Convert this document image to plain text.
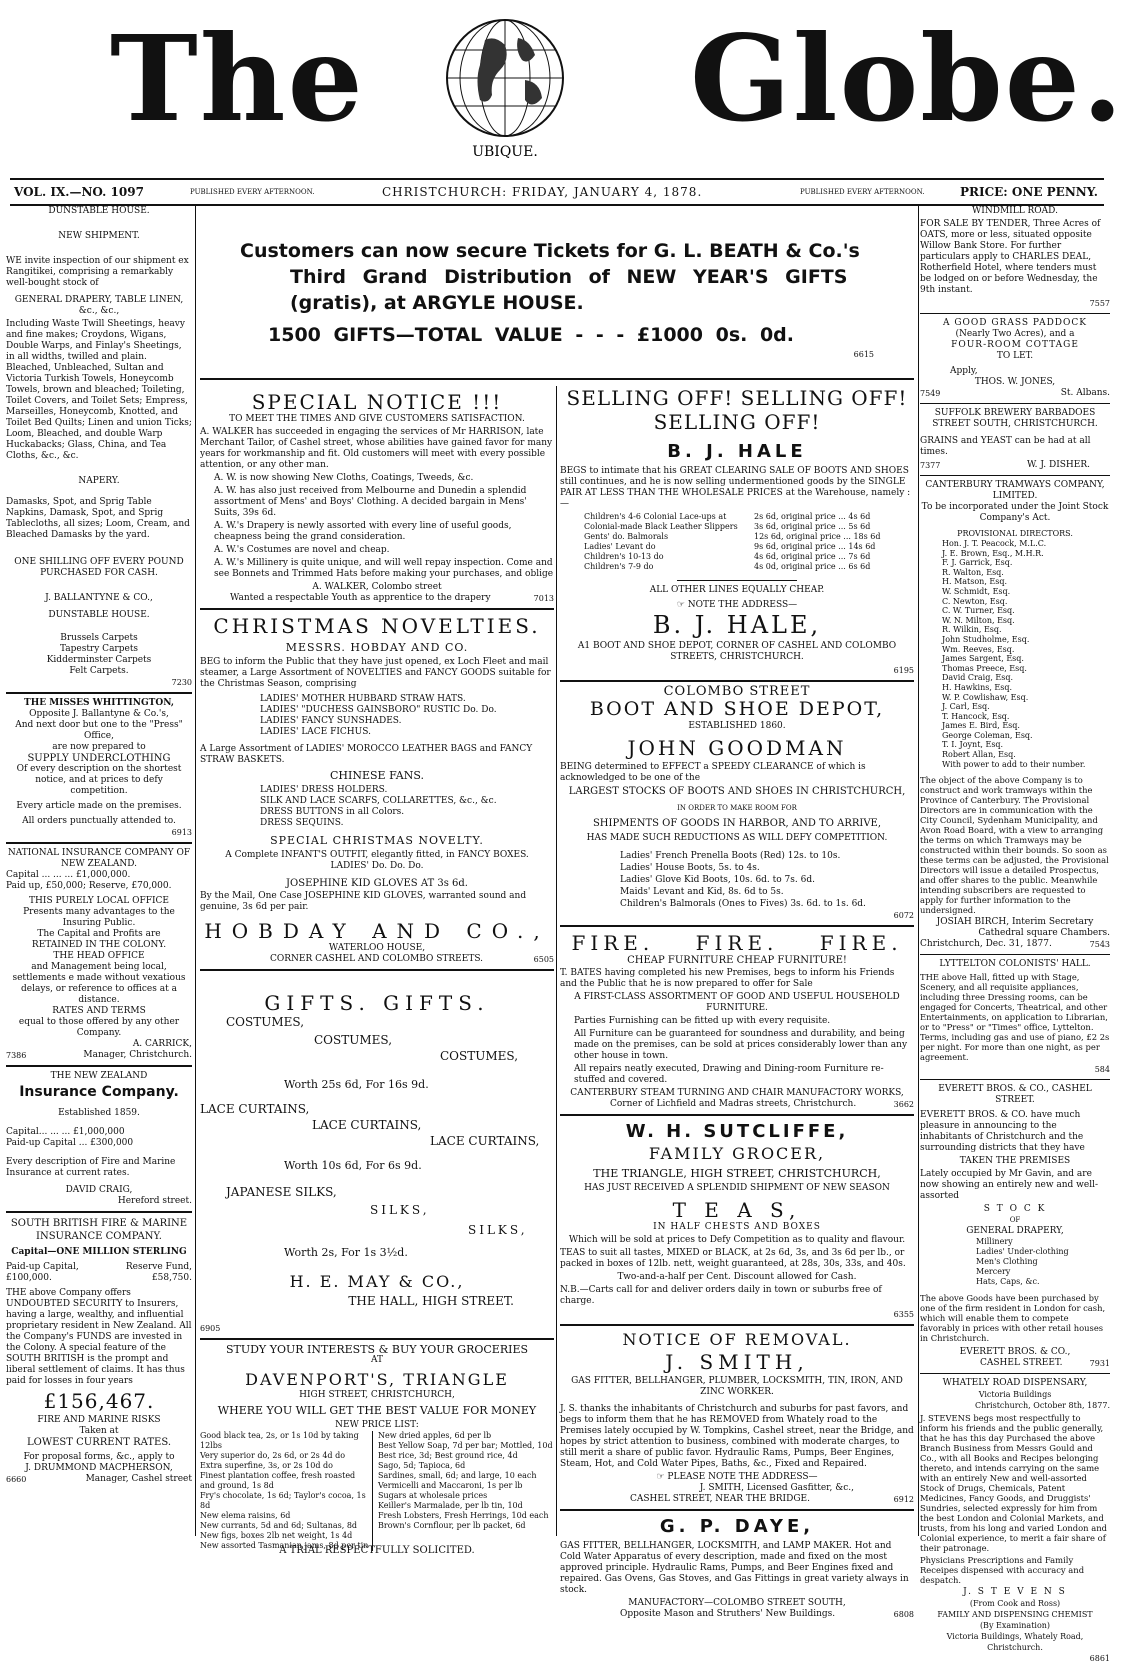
The
UBIQUE.
Globe.
VOL. IX.—NO. 1097	PUBLISHED EVERY AFTERNOON.	CHRISTCHURCH: FRIDAY, JANUARY 4, 1878.	PUBLISHED EVERY AFTERNOON.	PRICE: ONE PENNY.
DUNSTABLE HOUSE.
NEW SHIPMENT.

WE invite inspection of our shipment ex Rangitikei, comprising a remarkably well-bought stock of

GENERAL DRAPERY, TABLE LINEN,
&c., &c.,

Including Waste Twill Sheetings, heavy and fine makes; Croydons, Wigans, Double Warps, and Finlay's Sheetings, in all widths, twilled and plain. Bleached, Unbleached, Sultan and Victoria Turkish Towels, Honeycomb Towels, brown and bleached; Toileting, Toilet Covers, and Toilet Sets; Empress, Marseilles, Honeycomb, Knotted, and Toilet Bed Quilts; Linen and union Ticks; Loom, Bleached, and double Warp Huckabacks; Glass, China, and Tea Cloths, &c., &c.

NAPERY.

Damasks, Spot, and Sprig Table Napkins, Damask, Spot, and Sprig Tablecloths, all sizes; Loom, Cream, and Bleached Damasks by the yard.

ONE SHILLING OFF EVERY POUND PURCHASED FOR CASH.
J. BALLANTYNE & CO.,
DUNSTABLE HOUSE.
Brussels Carpets
Tapestry Carpets
Kidderminster Carpets
Felt Carpets.
7230
THE MISSES WHITTINGTON,
Opposite J. Ballantyne & Co.'s,
And next door but one to the "Press" Office,
are now prepared to
SUPPLY UNDERCLOTHING
Of every description on the shortest notice, and at prices to defy competition.
Every article made on the premises.
All orders punctually attended to.
6913
NATIONAL INSURANCE COMPANY OF NEW ZEALAND.
Capital ... ... ... £1,000,000.
Paid up, £50,000; Reserve, £70,000.
THIS PURELY LOCAL OFFICE
Presents many advantages to the Insuring Public.
The Capital and Profits are
RETAINED IN THE COLONY.
THE HEAD OFFICE
and Management being local, settlements e made without vexatious delays, or reference to offices at a distance.
RATES AND TERMS
equal to those offered by any other Company.
A. CARRICK,
7386	Manager, Christchurch.
THE NEW ZEALAND
Insurance Company.
Established 1859.
Capital... ... ... £1,000,000
Paid-up Capital ... £300,000

Every description of Fire and Marine Insurance at current rates.

DAVID CRAIG,
Hereford street.
SOUTH BRITISH FIRE & MARINE INSURANCE COMPANY.
Capital—ONE MILLION STERLING
Paid-up Capital, £100,000.
Reserve Fund, £58,750.

THE above Company offers UNDOUBTED SECURITY to Insurers, having a large, wealthy, and influential proprietary resident in New Zealand. All the Company's FUNDS are invested in the Colony. A special feature of the SOUTH BRITISH is the prompt and liberal settlement of claims. It has thus paid for losses in four years

£156,467.
FIRE AND MARINE RISKS
Taken at
LOWEST CURRENT RATES.
For proposal forms, &c., apply to
J. DRUMMOND MACPHERSON,
6660	Manager, Cashel street
Customers can now secure Tickets for G. L. BEATH & Co.'s
Third Grand Distribution of NEW YEAR'S GIFTS
(gratis), at ARGYLE HOUSE.
1500 GIFTS—TOTAL VALUE - - - £1000 0s. 0d.
6615
SPECIAL NOTICE !!!
TO MEET THE TIMES AND GIVE CUSTOMERS SATISFACTION.

A. WALKER has succeeded in engaging the services of Mr HARRISON, late Merchant Tailor, of Cashel street, whose abilities have gained favor for many years for workmanship and fit. Old customers will meet with every possible attention, or any other man.

A. W. is now showing New Cloths, Coatings, Tweeds, &c.

A. W. has also just received from Melbourne and Dunedin a splendid assortment of Mens' and Boys' Clothing. A decided bargain in Mens' Suits, 39s 6d.

A. W.'s Drapery is newly assorted with every line of useful goods, cheapness being the grand consideration.

A. W.'s Costumes are novel and cheap.

A. W.'s Millinery is quite unique, and will well repay inspection. Come and see Bonnets and Trimmed Hats before making your purchases, and oblige

A. WALKER, Colombo street
Wanted a respectable Youth as apprentice to the drapery	7013
CHRISTMAS NOVELTIES.
MESSRS. HOBDAY AND CO.

BEG to inform the Public that they have just opened, ex Loch Fleet and mail steamer, a Large Assortment of NOVELTIES and FANCY GOODS suitable for the Christmas Season, comprising

LADIES' MOTHER HUBBARD STRAW HATS.
LADIES' "DUCHESS GAINSBORO" RUSTIC Do. Do.
LADIES' FANCY SUNSHADES.
LADIES' LACE FICHUS.

A Large Assortment of LADIES' MOROCCO LEATHER BAGS and FANCY STRAW BASKETS.

CHINESE FANS.
LADIES' DRESS HOLDERS.
SILK AND LACE SCARFS, COLLARETTES, &c., &c.
DRESS BUTTONS in all Colors.
DRESS SEQUINS.
SPECIAL CHRISTMAS NOVELTY.
A Complete INFANT'S OUTFIT, elegantly fitted, in FANCY BOXES.
LADIES' Do. Do. Do.
JOSEPHINE KID GLOVES AT 3s 6d.

By the Mail, One Case JOSEPHINE KID GLOVES, warranted sound and genuine, 3s 6d per pair.

HOBDAY AND CO.,
WATERLOO HOUSE,
CORNER CASHEL AND COLOMBO STREETS.	6505
GIFTS. GIFTS.
COSTUMES,
COSTUMES,
COSTUMES,
Worth 25s 6d, For 16s 9d.
LACE CURTAINS,
LACE CURTAINS,
LACE CURTAINS,
Worth 10s 6d, For 6s 9d.
JAPANESE SILKS,
SILKS,
SILKS,
Worth 2s, For 1s 3½d.
H. E. MAY & CO.,
THE HALL, HIGH STREET.
6905
STUDY YOUR INTERESTS & BUY YOUR GROCERIES
AT
DAVENPORT'S, TRIANGLE
HIGH STREET, CHRISTCHURCH,
WHERE YOU WILL GET THE BEST VALUE FOR MONEY
NEW PRICE LIST:
Good black tea, 2s, or 1s 10d by taking 12lbs
Very superior do, 2s 6d, or 2s 4d do
Extra superfine, 3s, or 2s 10d do
Finest plantation coffee, fresh roasted and ground, 1s 8d
Fry's chocolate, 1s 6d; Taylor's cocoa, 1s 8d
New elema raisins, 6d
New currants, 5d and 6d; Sultanas, 8d
New figs, boxes 2lb net weight, 1s 4d
New assorted Tasmanian jams, 8d per tin
New dried apples, 6d per lb
Best Yellow Soap, 7d per bar; Mottled, 10d
Best rice, 3d; Best ground rice, 4d
Sago, 5d; Tapioca, 6d
Sardines, small, 6d; and large, 10 each
Vermicelli and Maccaroni, 1s per lb
Sugars at wholesale prices
Keiller's Marmalade, per lb tin, 10d
Fresh Lobsters, Fresh Herrings, 10d each
Brown's Cornflour, per lb packet, 6d
A TRIAL RESPECTFULLY SOLICITED.
SELLING OFF! SELLING OFF! SELLING OFF!
B. J. HALE

BEGS to intimate that his GREAT CLEARING SALE OF BOOTS AND SHOES still continues, and he is now selling undermentioned goods by the SINGLE PAIR AT LESS THAN THE WHOLESALE PRICES at the Warehouse, namely :—

Children's 4-6 Colonial Lace-ups at	2s 6d, original price ... 4s 6d
Colonial-made Black Leather Slippers 3s 6d, original price ... 5s 6d
Gents' do. Balmorals	12s 6d, original price ... 18s 6d
Ladies' Levant do	9s 6d, original price ... 14s 6d
Children's 10-13 do	4s 6d, original price ... 7s 6d
Children's 7-9 do	4s 0d, original price ... 6s 6d
ALL OTHER LINES EQUALLY CHEAP.
☞ NOTE THE ADDRESS—
B. J. HALE,

A1 BOOT AND SHOE DEPOT, CORNER OF CASHEL AND COLOMBO STREETS, CHRISTCHURCH.

6195
COLOMBO STREET
BOOT AND SHOE DEPOT,
ESTABLISHED 1860.
JOHN GOODMAN

BEING determined to EFFECT a SPEEDY CLEARANCE of which is acknowledged to be one of the

LARGEST STOCKS OF BOOTS AND SHOES IN CHRISTCHURCH,
IN ORDER TO MAKE ROOM FOR
SHIPMENTS OF GOODS IN HARBOR, AND TO ARRIVE,
HAS MADE SUCH REDUCTIONS AS WILL DEFY COMPETITION.
Ladies' French Prenella Boots (Red) 12s. to 10s.
Ladies' House Boots, 5s. to 4s.
Ladies' Glove Kid Boots, 10s. 6d. to 7s. 6d.
Maids' Levant and Kid, 8s. 6d to 5s.
Children's Balmorals (Ones to Fives) 3s. 6d. to 1s. 6d.
6072
FIRE. FIRE. FIRE.
CHEAP FURNITURE CHEAP FURNITURE!

T. BATES having completed his new Premises, begs to inform his Friends and the Public that he is now prepared to offer for Sale

A FIRST-CLASS ASSORTMENT OF GOOD AND USEFUL HOUSEHOLD FURNITURE.

Parties Furnishing can be fitted up with every requisite.

All Furniture can be guaranteed for soundness and durability, and being made on the premises, can be sold at prices considerably lower than any other house in town.

All repairs neatly executed, Drawing and Dining-room Furniture re-stuffed and covered.

CANTERBURY STEAM TURNING AND CHAIR MANUFACTORY WORKS,
Corner of Lichfield and Madras streets, Christchurch.	3662
W. H. SUTCLIFFE,
FAMILY GROCER,
THE TRIANGLE, HIGH STREET, CHRISTCHURCH,
HAS JUST RECEIVED A SPLENDID SHIPMENT OF NEW SEASON
T E A S,
IN HALF CHESTS AND BOXES

Which will be sold at prices to Defy Competition as to quality and flavour.

TEAS to suit all tastes, MIXED or BLACK, at 2s 6d, 3s, and 3s 6d per lb., or packed in boxes of 12lb. nett, weight guaranteed, at 28s, 30s, 33s, and 40s.

Two-and-a-half per Cent. Discount allowed for Cash.

N.B.—Carts call for and deliver orders daily in town or suburbs free of charge.

6355
NOTICE OF REMOVAL.
J. SMITH,

GAS FITTER, BELLHANGER, PLUMBER, LOCKSMITH, TIN, IRON, AND ZINC WORKER.

J. S. thanks the inhabitants of Christchurch and suburbs for past favors, and begs to inform them that he has REMOVED from Whately road to the Premises lately occupied by W. Tompkins, Cashel street, near the Bridge, and hopes by strict attention to business, combined with moderate charges, to still merit a share of public favor. Hydraulic Rams, Pumps, Beer Engines, Steam, Hot, and Cold Water Pipes, Baths, &c., Fixed and Repaired.

☞ PLEASE NOTE THE ADDRESS—
J. SMITH, Licensed Gasfitter, &c.,
CASHEL STREET, NEAR THE BRIDGE.	6912
G. P. DAYE,

GAS FITTER, BELLHANGER, LOCKSMITH, and LAMP MAKER. Hot and Cold Water Apparatus of every description, made and fixed on the most approved principle. Hydraulic Rams, Pumps, and Beer Engines fixed and repaired. Gas Ovens, Gas Stoves, and Gas Fittings in great variety always in stock.

MANUFACTORY—COLOMBO STREET SOUTH,
Opposite Mason and Struthers' New Buildings.	6808
WINDMILL ROAD.

FOR SALE BY TENDER, Three Acres of OATS, more or less, situated opposite Willow Bank Store. For further particulars apply to CHARLES DEAL, Rotherfield Hotel, where tenders must be lodged on or before Wednesday, the 9th instant.

7557
A GOOD GRASS PADDOCK
(Nearly Two Acres), and a
FOUR-ROOM COTTAGE
TO LET.
Apply,
THOS. W. JONES,
7549	St. Albans.
SUFFOLK BREWERY BARBADOES STREET SOUTH, CHRISTCHURCH.

GRAINS and YEAST can be had at all times.

7377	W. J. DISHER.
CANTERBURY TRAMWAYS COMPANY, LIMITED.
To be incorporated under the Joint Stock Company's Act.
PROVISIONAL DIRECTORS.
Hon. J. T. Peacock, M.L.C.
J. E. Brown, Esq., M.H.R.
F. J. Garrick, Esq.
R. Walton, Esq.
H. Matson, Esq.
W. Schmidt, Esq.
C. Newton, Esq.
C. W. Turner, Esq.
W. N. Milton, Esq.
R. Wilkin, Esq.
John Studholme, Esq.
Wm. Reeves, Esq.
James Sargent, Esq.
Thomas Preece, Esq.
David Craig, Esq.
H. Hawkins, Esq.
W. P. Cowlishaw, Esq.
J. Carl, Esq.
T. Hancock, Esq.
James E. Bird, Esq.
George Coleman, Esq.
T. I. Joynt, Esq.
Robert Allan, Esq.
With power to add to their number.

The object of the above Company is to construct and work tramways within the Province of Canterbury. The Provisional Directors are in communication with the City Council, Sydenham Municipality, and Avon Road Board, with a view to arranging the terms on which Tramways may be constructed within their bounds. So soon as these terms can be adjusted, the Provisional Directors will issue a detailed Prospectus, and offer shares to the public. Meanwhile intending subscribers are requested to apply for further information to the undersigned.

JOSIAH BIRCH, Interim Secretary
Cathedral square Chambers.
Christchurch, Dec. 31, 1877.	7543
LYTTELTON COLONISTS' HALL.

THE above Hall, fitted up with Stage, Scenery, and all requisite appliances, including three Dressing rooms, can be engaged for Concerts, Theatrical, and other Entertainments, on application to Librarian, or to "Press" or "Times" office, Lyttelton. Terms, including gas and use of piano, £2 2s per night. For more than one night, as per agreement.

584
EVERETT BROS. & CO., CASHEL STREET.

EVERETT BROS. & CO. have much pleasure in announcing to the inhabitants of Christchurch and the surrounding districts that they have

TAKEN THE PREMISES

Lately occupied by Mr Gavin, and are now showing an entirely new and well-assorted

S T O C K
OF
GENERAL DRAPERY,
Millinery
Ladies' Under-clothing
Men's Clothing
Mercery
Hats, Caps, &c.

The above Goods have been purchased by one of the firm resident in London for cash, which will enable them to compete favorably in prices with other retail houses in Christchurch.

EVERETT BROS. & CO.,
CASHEL STREET.	7931
WHATELY ROAD DISPENSARY,
Victoria Buildings
Christchurch, October 8th, 1877.

J. STEVENS begs most respectfully to inform his friends and the public generally, that he has this day Purchased the above Branch Business from Messrs Gould and Co., with all Books and Recipes belonging thereto, and intends carrying on the same with an entirely New and well-assorted Stock of Drugs, Chemicals, Patent Medicines, Fancy Goods, and Druggists' Sundries, selected expressly for him from the best London and Colonial Markets, and trusts, from his long and varied London and Colonial experience, to merit a fair share of their patronage.

Physicians Prescriptions and Family Receipes dispensed with accuracy and despatch.

J. S T E V E N S
(From Cook and Ross)
FAMILY AND DISPENSING CHEMIST
(By Examination)
Victoria Buildings, Whately Road, Christchurch.
6861
